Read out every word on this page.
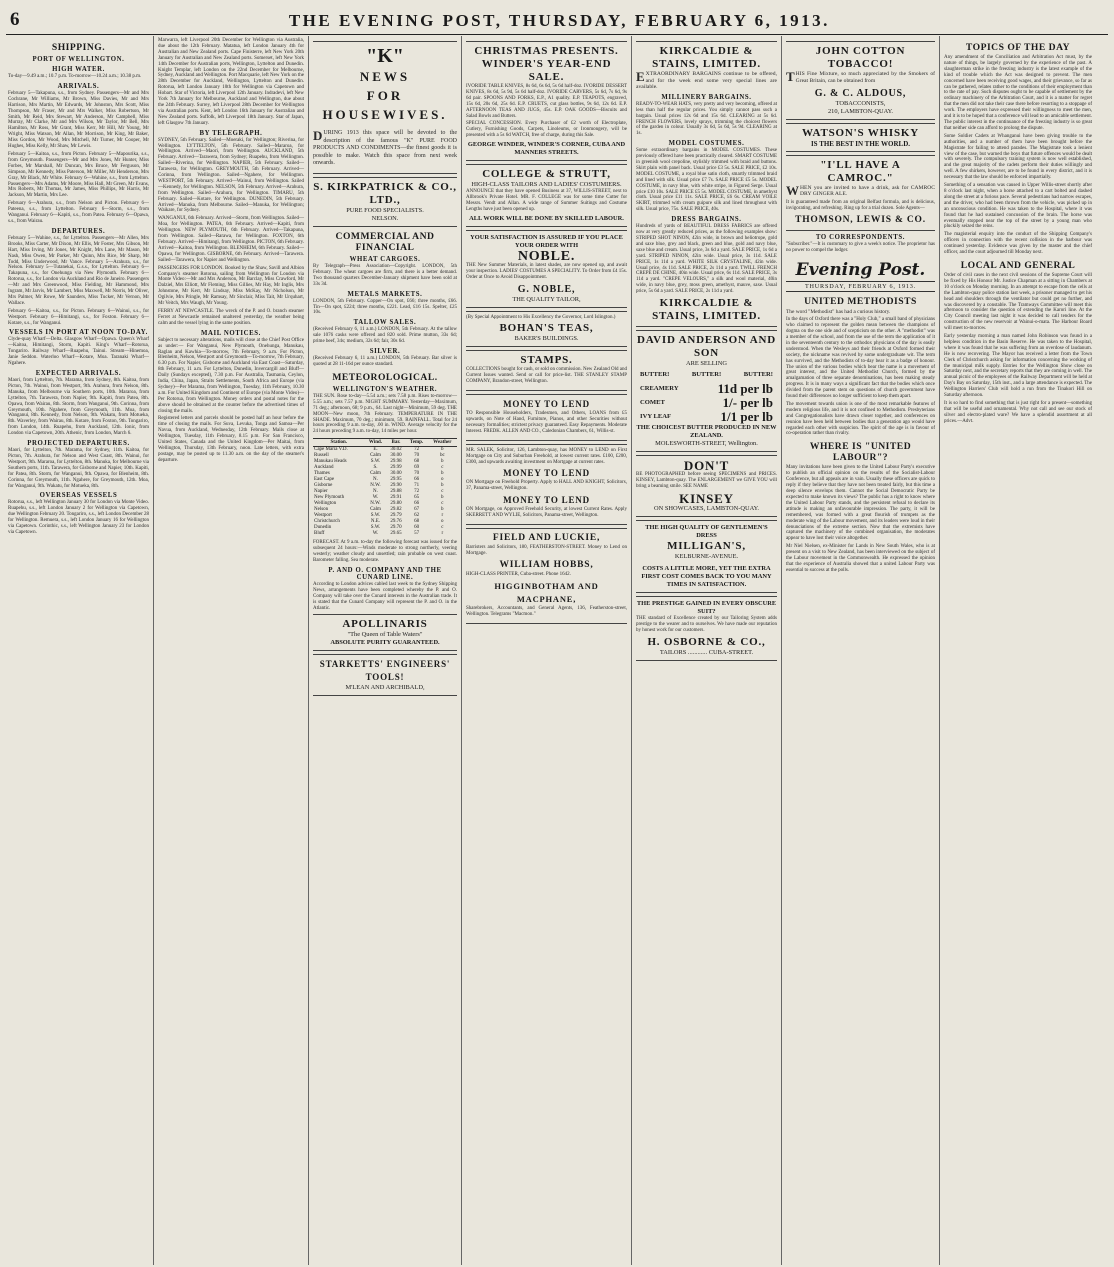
6	THE EVENING POST, THURSDAY, FEBRUARY 6, 1913.

SHIPPING.
PORT OF WELLINGTON.
HIGH WATER.

To-day—9.49 a.m.; 10.7 p.m. To-morrow—10.24 a.m.; 10.38 p.m.

ARRIVALS.

February 5—Takapuna, s.s., from Sydney. Passengers—Mr and Mrs Cochrane, Mr Williams, Mr Brown, Miss Davies, Mr and Mrs Harrison, Mrs Martin, Mr Edwards, Mr Johnston, Mrs Scott, Miss Thompson, Mr Fraser, Mr and Mrs Walker, Miss Robertson, Mr Smith, Mr Reid, Mrs Stewart, Mr Anderson, Mr Campbell, Miss Murray, Mr Clarke, Mr and Mrs Wilson, Mr Taylor, Mr Bell, Mrs Hamilton, Mr Ross, Mr Grant, Miss Kerr, Mr Hill, Mr Young, Mr Wright, Miss Watson, Mr Allan, Mr Morrison, Mr King, Mr Baker, Miss Gordon, Mr Wood, Mrs Mitchell, Mr Turner, Mr Cooper, Mr Hughes, Miss Kelly, Mr Shaw, Mr Lewis.

February 5—Kaitoa, s.s., from Picton. February 5—Mapourika, s.s., from Greymouth. Passengers—Mr and Mrs Jones, Mr Hunter, Miss Forbes, Mr Marshall, Mr Duncan, Mrs Bruce, Mr Ferguson, Mr Simpson, Mr Kennedy, Miss Paterson, Mr Miller, Mr Henderson, Mrs Gray, Mr Black, Mr White. February 6—Wahine, s.s., from Lyttelton. Passengers—Mrs Adams, Mr Moore, Miss Hall, Mr Green, Mr Evans, Mrs Roberts, Mr Thomas, Mr James, Miss Phillips, Mr Harris, Mr Jackson, Mr Martin, Mrs Lee.

February 6—Arahura, s.s., from Nelson and Picton. February 6—Pateena, s.s., from Lyttelton. February 6—Storm, s.s., from Wanganui. February 6—Kapiti, s.s., from Patea. February 6—Opawa, s.s., from Wairau.

DEPARTURES.

February 5—Wahine, s.s., for Lyttelton. Passengers—Mr Allen, Mrs Brooks, Miss Carter, Mr Dixon, Mr Ellis, Mr Foster, Mrs Gibson, Mr Hart, Miss Irving, Mr Jones, Mr Knight, Mrs Lane, Mr Mason, Mr Nash, Miss Owen, Mr Parker, Mr Quinn, Mrs Rice, Mr Sharp, Mr Todd, Miss Underwood, Mr Vance. February 5—Arahura, s.s., for Nelson. February 5—Tutanekai, G.s.s., for Lyttelton. February 6—Takapuna, s.s., for Onehunga via New Plymouth. February 6—Rotorua, s.s., for London via Auckland and Rio de Janeiro. Passengers—Mr and Mrs Greenwood, Miss Fielding, Mr Hammond, Mrs Ingram, Mr Jarvis, Mr Lambert, Miss Maxwell, Mr Norris, Mr Oliver, Mrs Palmer, Mr Rowe, Mr Saunders, Miss Tucker, Mr Vernon, Mr Wallace.

February 6—Kaitoa, s.s., for Picton. February 6—Wainui, s.s., for Westport. February 6—Himitangi, s.s., for Foxton. February 6—Kotare, s.s., for Wanganui.

VESSELS IN PORT AT NOON TO-DAY.

Clyde-quay Wharf—Delta. Glasgow Wharf—Opawa. Queen's Wharf—Kaitoa, Himitangi, Storm, Kapiti. King's Wharf—Rotorua, Tongariro. Railway Wharf—Ruapehu, Tainui. Stream—Hinemoa, Janie Seddon. Waterloo Wharf—Kotare, Moa. Taranaki Wharf—Ngahere.

EXPECTED ARRIVALS.

Maori, from Lyttelton, 7th. Marama, from Sydney, 8th. Kaitoa, from Picton, 7th. Wainui, from Westport, 9th. Arahura, from Nelson, 8th. Manuka, from Melbourne via Southern ports, 10th. Mararoa, from Lyttelton, 7th. Tarawera, from Napier, 9th. Kapiti, from Patea, 8th. Opawa, from Wairau, 8th. Storm, from Wanganui, 9th. Corinna, from Greymouth, 10th. Ngahere, from Greymouth, 11th. Moa, from Wanganui, 8th. Kennedy, from Nelson, 9th. Wakatu, from Motueka, 8th. Waverley, from Wairau, 8th. Kotare, from Foxton, 9th. Tongariro, from London, 14th. Ruapehu, from Auckland, 12th. Ionic, from London via Capetown, 20th. Athenic, from London, March 6.

PROJECTED DEPARTURES.

Maori, for Lyttelton, 7th. Marama, for Sydney, 11th. Kaitoa, for Picton, 7th. Arahura, for Nelson and West Coast, 8th. Wainui, for Westport, 9th. Mararoa, for Lyttelton, 8th. Manuka, for Melbourne via Southern ports, 11th. Tarawera, for Gisborne and Napier, 10th. Kapiti, for Patea, 8th. Storm, for Wanganui, 9th. Opawa, for Blenheim, 8th. Corinna, for Greymouth, 11th. Ngahere, for Greymouth, 12th. Moa, for Wanganui, 9th. Wakatu, for Motueka, 8th.

OVERSEAS VESSELS

Rotorua, s.s., left Wellington January 30 for London via Monte Video. Ruapehu, s.s., left London January 2 for Wellington via Capetown, due Wellington February 20. Tongariro, s.s., left London December 28 for Wellington. Remuera, s.s., left London January 16 for Wellington via Capetown. Corinthic, s.s., left Wellington January 23 for London via Capetown.

Marwarra, left Liverpool 20th December for Wellington via Australia, due about the 12th February. Matatua, left London January 4th for Australian and New Zealand ports. Cape Finisterre, left New York 20th January for Australian and New Zealand ports. Somerset, left New York 14th December for Australian ports, Wellington, Lyttelton and Dunedin. Knight Templar, left London on the 22nd December for Melbourne, Sydney, Auckland and Wellington. Port Macquarie, left New York on the 28th December for Auckland, Wellington, Lyttelton and Dunedin. Rotorua, left London January 10th for Wellington via Capetown and Hobart. Star of Victoria, left Liverpool 12th January. Indradevi, left New York 7th January for Melbourne, Auckland and Wellington, due about the 24th February. Surrey, left Liverpool 28th December for Wellington via Australian ports. Kent, left London 16th January for Australian and New Zealand ports. Suffolk, left Liverpool 18th January. Star of Japan, left Glasgow 7th January.

BY TELEGRAPH.

SYDNEY, 5th February. Sailed—Moeraki, for Wellington; Riverina, for Wellington. LYTTELTON, 5th February. Sailed—Mararoa, for Wellington. Arrived—Maori, from Wellington. AUCKLAND, 5th February. Arrived—Tarawera, from Sydney; Ruapehu, from Wellington. Sailed—Riverina, for Wellington. NAPIER, 5th February. Sailed—Tarawera, for Wellington. GREYMOUTH, 5th February. Arrived—Corinna, from Wellington. Sailed—Ngahere, for Wellington. WESTPORT, 5th February. Arrived—Wainui, from Wellington. Sailed—Kennedy, for Wellington. NELSON, 5th February. Arrived—Arahura, from Wellington. Sailed—Arahura, for Wellington. TIMARU, 5th February. Sailed—Kotare, for Wellington. DUNEDIN, 5th February. Arrived—Manuka, from Melbourne. Sailed—Manuka, for Wellington; Waikare, for Sydney.

WANGANUI, 6th February. Arrived—Storm, from Wellington. Sailed—Moa, for Wellington. PATEA, 6th February. Arrived—Kapiti, from Wellington. NEW PLYMOUTH, 6th February. Arrived—Takapuna, from Wellington. Sailed—Rarawa, for Wellington. FOXTON, 6th February. Arrived—Himitangi, from Wellington. PICTON, 6th February. Arrived—Kaitoa, from Wellington. BLENHEIM, 6th February. Sailed—Opawa, for Wellington. GISBORNE, 6th February. Arrived—Tarawera. Sailed—Tarawera, for Napier and Wellington.

PASSENGERS FOR LONDON. Booked by the Shaw, Savill and Albion Company's steamer Rotorua, sailing from Wellington for London via Monte Video:—Mr and Mrs Anderson, Mr Barclay, Miss Crawford, Mr Dalziel, Mrs Elliott, Mr Fleming, Miss Gillies, Mr Hay, Mr Inglis, Mrs Johnstone, Mr Kerr, Mr Lindsay, Miss McKay, Mr Nicholson, Mr Ogilvie, Mrs Pringle, Mr Ramsay, Mr Sinclair, Miss Tait, Mr Urquhart, Mr Veitch, Mrs Waugh, Mr Young.

FERRY AT NEWCASTLE. The wreck of the P. and O. branch steamer Ferret at Newcastle remained unaltered yesterday, the weather being calm and the vessel lying in the same position.

MAIL NOTICES.

Subject to necessary alterations, mails will close at the Chief Post Office as under:— For Wanganui, New Plymouth, Onehunga, Manukau, Raglan and Kawhia—To-morrow, 7th February, 9 a.m. For Picton, Blenheim, Nelson, Westport and Greymouth—To-morrow, 7th February, 6.30 p.m. For Napier, Gisborne and Auckland via East Coast—Saturday, 8th February, 11 a.m. For Lyttelton, Dunedin, Invercargill and Bluff—Daily (Sundays excepted), 7.30 p.m. For Australia, Tasmania, Ceylon, India, China, Japan, Straits Settlements, South Africa and Europe (via Sydney)—Per Marama, from Wellington, Tuesday, 11th February, 10.30 a.m. For United Kingdom and Continent of Europe (via Monte Video)—Per Rotorua, from Wellington. Money orders and postal notes for the above should be obtained at the counter before the advertised times of closing the mails.

Registered letters and parcels should be posted half an hour before the time of closing the mails. For Suva, Levuka, Tonga and Samoa—Per Navua, from Auckland, Wednesday, 12th February. Mails close at Wellington, Tuesday, 11th February, 8.15 p.m. For San Francisco, United States, Canada and the United Kingdom—Per Maitai, from Wellington, Thursday, 13th February, noon. Late letters, with extra postage, may be posted up to 11.30 a.m. on the day of the steamer's departure.

"K"
NEWS
FOR
HOUSEWIVES.

DURING 1913 this space will be devoted to the description of the famous "K" PURE FOOD PRODUCTS AND CONDIMENTS—the finest goods it is possible to make. Watch this space from next week onwards.

S. KIRKPATRICK & CO., LTD.,
PURE FOOD SPECIALISTS.
NELSON.
COMMERCIAL AND FINANCIAL
WHEAT CARGOES.

By Telegraph—Press Association—Copyright. LONDON, 5th February. The wheat cargoes are firm, and there is a better demand. Two thousand quarters December-January shipment have been sold at 33s 3d.

METALS MARKETS.

LONDON, 5th February. Copper—On spot, £66; three months, £66. Tin—On spot, £224; three months, £221. Lead, £16 15s. Spelter, £25 10s.

TALLOW SALES.

(Received February 6, 11 a.m.) LONDON, 5th February. At the tallow sale 1076 casks were offered and 820 sold. Prime mutton, 33s 6d; prime beef, 34s; medium, 32s 6d; fair, 30s 6d.

SILVER.

(Received February 6, 11 a.m.) LONDON, 5th February. Bar silver is quoted at 28 11-16d per ounce standard.

METEOROLOGICAL.
WELLINGTON'S WEATHER.

THE SUN. Rose to-day—5.54 a.m.; sets 7.58 p.m. Rises to-morrow—5.55 a.m.; sets 7.57 p.m. NIGHT SUMMARY. Yesterday—Maximum, 71 deg.; afternoon, 68; 9 p.m., 64. Last night—Minimum, 59 deg. THE MOON—New moon, 7th February. TEMPERATURE IN THE SHADE. Maximum, 70 deg.; minimum, 59. RAINFALL. Total for 24 hours preceding 9 a.m. to-day, .00 in. WIND. Average velocity for the 24 hours preceding 9 a.m. to-day, 14 miles per hour.

Station.	Wind.	Bar.	Temp.	Weather
Cape Maria V.D.	E.	30.02	72	b
Russell	Calm	30.00	70	bc
Manukau Heads	S.W.	29.98	68	b
Auckland	S.	29.99	69	c
Thames	Calm	30.00	70	b
East Cape	N.	29.95	66	o
Gisborne	N.W.	29.90	71	b
Napier	N.	29.88	72	c
New Plymouth	W.	29.91	65	b
Wellington	N.W.	29.80	66	c
Nelson	Calm	29.82	67	b
Westport	S.W.	29.79	62	r
Christchurch	N.E.	29.76	68	o
Dunedin	S.W.	29.70	60	c
Bluff	W.	29.65	57	r

FORECAST. At 9 a.m. to-day the following forecast was issued for the subsequent 24 hours:—Winds moderate to strong northerly, veering westerly; weather cloudy and unsettled; rain probable on west coast. Barometer falling. Sea moderate.

P. AND O. COMPANY AND THE CUNARD LINE.

According to London advices cabled last week to the Sydney Shipping News, arrangements have been completed whereby the P. and O. Company will take over the Cunard interests in the Australian trade. It is stated that the Cunard Company will represent the P. and O. in the Atlantic.

APOLLINARIS
"The Queen of Table Waters"
ABSOLUTE PURITY GUARANTEED.
STARKETTS' ENGINEERS' TOOLS!
M'LEAN AND ARCHIBALD,
CHRISTMAS PRESENTS.
WINDER'S YEAR-END SALE.

IVORIDE TABLE KNIVES, 8s 6d, 6s 6d, 5s 6d half-doz. IVORIDE DESSERT KNIVES, 8s 6d, 5s 9d, 5s 6d half-doz. IVORIDE CARVERS, 5s 6d, 7s 6d, 9s 6d pair. SPOONS AND FORKS, E.P., A1 quality. E.P. TEAPOTS, engraved, 15s 6d, 20s 6d, 25s 6d. E.P. CRUETS, cut glass bottles, 9s 6d, 12s 6d. E.P. AFTERNOON TEAS AND JUGS, 45s. E.P. OAK GOODS—Biscuits and Salad Bowls and Butters.

SPECIAL CONCESSION. Every Purchaser of £2 worth of Electroplate, Cutlery, Furnishing Goods, Carpets, Linoleums, or Ironmongery, will be presented with a 5s 6d WATCH, free of charge, during this Sale.

GEORGE WINDER, WINDER'S CORNER, CUBA AND MANNERS STREETS.
COLLEGE & STRUTT,
HIGH-CLASS TAILORS AND LADIES' COSTUMIERS.

ANNOUNCE that they have opened Business at 37, WILLIS-STREET, next to Allbrook's Private Hotel. MR. F. COLLEGE was for some time Cutter for Messrs. Vendt and Allan. A wide range of Summer Suitings and Costume Lengths have just been opened up.

ALL WORK WILL BE DONE BY SKILLED LABOUR.
YOUR SATISFACTION IS ASSURED IF YOU PLACE YOUR ORDER WITH
NOBLE.

THE New Summer Materials, in latest shades, are now opened up, and await your inspection. LADIES' COSTUMES A SPECIALITY. To Order from £4 15s. Order at Once to Avoid Disappointment.

G. NOBLE,
THE QUALITY TAILOR,

(By Special Appointment to His Excellency the Governor, Lord Islington.)

BOHAN'S TEAS,
BAKER'S BUILDINGS.
STAMPS.

COLLECTIONS bought for cash, or sold on commission. New Zealand Old and Current Issues wanted. Send or call for price-list. THE STANLEY STAMP COMPANY, Brandon-street, Wellington.

MONEY TO LEND

TO Responsible Householders, Tradesmen, and Others, LOANS from £5 upwards, on Note of Hand, Furniture, Pianos, and other Securities without necessary formalities; strictest privacy guaranteed. Easy Repayments. Moderate Interest. FREDK. ALLEN AND CO., Caledonian Chambers, 61, Willis-st.

MR. SALEK, Solicitor, 126, Lambton-quay, has MONEY to LEND on First Mortgage on City and Suburban Freehold, at lowest current rates. £100, £200, £300, and upwards awaiting investment on Mortgage at current rates.

MONEY TO LEND

ON Mortgage on Freehold Property. Apply to HALL AND KNIGHT, Solicitors, 37, Panama-street, Wellington.

MONEY TO LEND

ON Mortgage, on Approved Freehold Security, at lowest Current Rates. Apply SKERRETT AND WYLIE, Solicitors, Panama-street, Wellington.

FIELD AND LUCKIE,

Barristers and Solicitors, 180, FEATHERSTON-STREET. Money to Lend on Mortgage.

WILLIAM HOBBS,

HIGH-CLASS PRINTER, Cuba-street. Phone 1642.

HIGGINBOTHAM AND MACPHANE,

Sharebrokers, Accountants, and General Agents, 136, Featherston-street, Wellington. Telegrams "Macmon."

KIRKCALDIE & STAINS, LIMITED.

EXTRAORDINARY BARGAINS continue to be offered, and for the week end some very special lines are available.

MILLINERY BARGAINS.

READY-TO-WEAR HATS, very pretty and very becoming, offered at less than half the regular prices. You simply cannot pass such a bargain. Usual prices 12s 6d and 15s 6d. CLEARING at 5s 6d. FRENCH FLOWERS, lovely sprays, trimming the choicest flowers of the garden in colour. Usually 3s 6d, 5s 6d, 5s 9d. CLEARING at 1s.

MODEL COSTUMES.

Some extraordinary bargains in MODEL COSTUMES. These previously offered have been practically cleared. SMART COSTUME in greenish wool crepoline, stylishly trimmed with braid and buttons. Skirt plain with panel back. Usual price £3 5s. SALE PRICE, £2 10s. MODEL COSTUME, a royal blue satin cloth, smartly trimmed braid and lined with silk. Usual price £7 7s. SALE PRICE £5 5s. MODEL COSTUME, in navy blue, with white stripe, in Figured Serge. Usual price £10 10s. SALE PRICE £5 5s. MODEL COSTUME, in amethyst cloth. Usual price £11 11s. SALE PRICE, £6 6s. CREAM VOILE SKIRT, trimmed with cream guipure silk and lined throughout with silk. Usual price, 75s. SALE PRICE, 40s.

DRESS BARGAINS.

Hundreds of yards of BEAUTIFUL DRESS FABRICS are offered now at very greatly reduced prices, as the following examples show: STRIPED SHOT NINON, 42in wide, in brown and heliotrope, gold and saxe blue, grey and black, green and blue, gold and navy blue, saxe blue and cream. Usual price, 3s 6d a yard. SALE PRICE, 1s 6d a yard. STRIPED NINON, 42in wide. Usual price, 3s 11d. SALE PRICE, 1s 11d a yard. WHITE SILK CRYSTALINE, 42in wide. Usual price, 4s 11d. SALE PRICE, 2s 11d a yard. TWILL FRENCH CREPE DE CHINE, 40in wide. Usual price, 6s 11d. SALE PRICE, 3s 11d a yard. "CREPE VELOURS," a silk and wool material, 40in wide, in navy blue, grey, moss green, amethyst, mauve, saxe. Usual price, 5s 6d a yard. SALE PRICE, 2s 11d a yard.

KIRKCALDIE & STAINS, LIMITED.
DAVID ANDERSON AND SON
ARE SELLING
BUTTER!	BUTTER!	BUTTER!
CREAMERY	11d per lb
COMET	1/- per lb
IVY LEAF	1/1 per lb
THE CHOICEST BUTTER PRODUCED IN NEW ZEALAND.
MOLESWORTH-STREET, Wellington.
DON'T

BE PHOTOGRAPHED before seeing SPECIMENS and PRICES. KINSEY, Lambton-quay. The ENLARGEMENT we GIVE YOU will bring a beaming smile. SEE NAME

KINSEY
ON SHOWCASES, LAMBTON-QUAY.
THE HIGH QUALITY OF GENTLEMEN'S DRESS
MILLIGAN'S,
KELBURNE-AVENUE.
COSTS A LITTLE MORE, YET THE EXTRA FIRST COST COMES BACK TO YOU MANY TIMES IN SATISFACTION.
THE PRESTIGE GAINED IN EVERY OBSCURE SUIT?

THE standard of Excellence created by our Tailoring System adds prestige to the wearer and to ourselves. We have made our reputation by honest work for our customers.

H. OSBORNE & CO.,
TAILORS ............ CUBA-STREET.
JOHN COTTON TOBACCO!

THIS Fine Mixture, so much appreciated by the Smokers of Great Britain, can be obtained from

G. & C. ALDOUS,
TOBACCONISTS,
210, LAMBTON-QUAY.
WATSON'S WHISKY
IS THE BEST IN THE WORLD.
"I'LL HAVE A CAMROC."

WHEN you are invited to have a drink, ask for CAMROC DRY GINGER ALE.

It is guaranteed made from an original Belfast formula, and is delicious, invigorating, and refreshing. Ring up for a trial dozen. Sole Agents—

THOMSON, LEWIS & CO.
TO CORRESPONDENTS.

"Subscriber."—It is customary to give a week's notice. The proprietor has no power to compel the lodger.

Evening Post.
THURSDAY, FEBRUARY 6, 1913.
UNITED METHODISTS

The word "Methodist" has had a curious history.

In the days of Oxford there was a "Holy Club," a small band of physicians who claimed to represent the golden mean between the champions of dogma on the one side and of scepticism on the other. A "methodist" was a member of the school, and from the use of the term the application of it in the seventeenth century to the orthodox physicians of the day is easily understood. When the Wesleys and their friends at Oxford formed their society, the nickname was revived by some undergraduate wit. The term has survived, and the Methodists of to-day bear it as a badge of honour. The union of the various bodies which bear the name is a movement of great interest, and the United Methodist Church, formed by the amalgamation of three separate denominations, has been making steady progress. It is in many ways a significant fact that the bodies which once divided from the parent stem on questions of church government have found their differences no longer sufficient to keep them apart.

The movement towards union is one of the most remarkable features of modern religious life, and it is not confined to Methodism. Presbyterians and Congregationalists have drawn closer together, and conferences on reunion have been held between bodies that a generation ago would have regarded each other with suspicion. The spirit of the age is in favour of co-operation rather than rivalry.

WHERE IS "UNITED LABOUR"?

Many invitations have been given to the United Labour Party's executive to publish an official opinion on the results of the Socialist-Labour Conference, but all appeals are in vain. Usually these officers are quick to reply if they believe that they have not been treated fairly, but this time a deep silence envelops them. Cannot the Social Democratic Party be expected to make known its views? The public has a right to know where the United Labour Party stands, and the persistent refusal to declare its attitude is making an unfavourable impression. The party, it will be remembered, was formed with a great flourish of trumpets as the moderate wing of the Labour movement, and its leaders were loud in their denunciations of the extreme section. Now that the extremists have captured the machinery of the combined organisation, the moderates appear to have lost their voice altogether.

Mr Niel Nielsen, ex-Minister for Lands in New South Wales, who is at present on a visit to New Zealand, has been interviewed on the subject of the Labour movement in the Commonwealth. He expressed the opinion that the experience of Australia showed that a united Labour Party was essential to success at the polls.

TOPICS OF THE DAY

Any amendment of the Conciliation and Arbitration Act must, by the nature of things, be largely governed by the experience of the past. A slaughterman strike in the freezing industry is the latest example of the kind of trouble which the Act was designed to prevent. The men concerned have been receiving good wages, and their grievance, so far as can be gathered, relates rather to the conditions of their employment than to the rate of pay. Such disputes ought to be capable of settlement by the ordinary machinery of the Arbitration Court, and it is a matter for regret that the men did not take their case there before resorting to a stoppage of work. The employers have expressed their willingness to meet the men, and it is to be hoped that a conference will lead to an amicable settlement. The public interest in the continuance of the freezing industry is so great that neither side can afford to prolong the dispute.

Some Soldier Cadets at Whanganui have been giving trouble to the authorities, and a number of them have been brought before the Magistrate for failing to attend parades. The Magistrate took a lenient view of the case, but warned the boys that future offences would be dealt with severely. The compulsory training system is now well established, and the great majority of the cadets perform their duties willingly and well. A few shirkers, however, are to be found in every district, and it is necessary that the law should be enforced impartially.

Something of a sensation was caused in Upper Willis-street shortly after 8 o'clock last night, when a horse attached to a cart bolted and dashed along the street at a furious pace. Several pedestrians had narrow escapes, and the driver, who had been thrown from the vehicle, was picked up in an unconscious condition. He was taken to the Hospital, where it was found that he had sustained concussion of the brain. The horse was eventually stopped near the top of the street by a young man who pluckily seized the reins.

The magisterial enquiry into the conduct of the Shipping Company's officers in connection with the recent collision in the harbour was continued yesterday. Evidence was given by the master and the chief officer, and the court adjourned till Monday next.

LOCAL AND GENERAL

Order of civil cases in the next civil sessions of the Supreme Court will be fixed by His Honour Mr. Justice Chapman at a sitting in Chambers at 10 o'clock on Monday morning. In an attempt to escape from the cells at the Lambton-quay police station last week, a prisoner managed to get his head and shoulders through the ventilator but could get no further, and was discovered by a constable. The Tramways Committee will meet this afternoon to consider the question of extending the Karori line. At the City Council meeting last night it was decided to call tenders for the construction of the new reservoir at Wainui-o-mata. The Harbour Board will meet to-morrow.

Early yesterday morning a man named John Robinson was found in a helpless condition in the Basin Reserve. He was taken to the Hospital, where it was found that he was suffering from an overdose of laudanum. He is now recovering. The Mayor has received a letter from the Town Clerk of Christchurch asking for information concerning the working of the municipal milk supply. Entries for the Wellington Show close on Saturday next, and the secretary reports that they are coming in well. The annual picnic of the employees of the Railway Department will be held at Day's Bay on Saturday, 15th inst., and a large attendance is expected. The Wellington Harriers' Club will hold a run from the Tinakori Hill on Saturday afternoon.

It is so hard to find something that is just right for a present—something that will be useful and ornamental. Why not call and see our stock of silver and electro-plated ware? We have a splendid assortment at all prices.—Advt.
